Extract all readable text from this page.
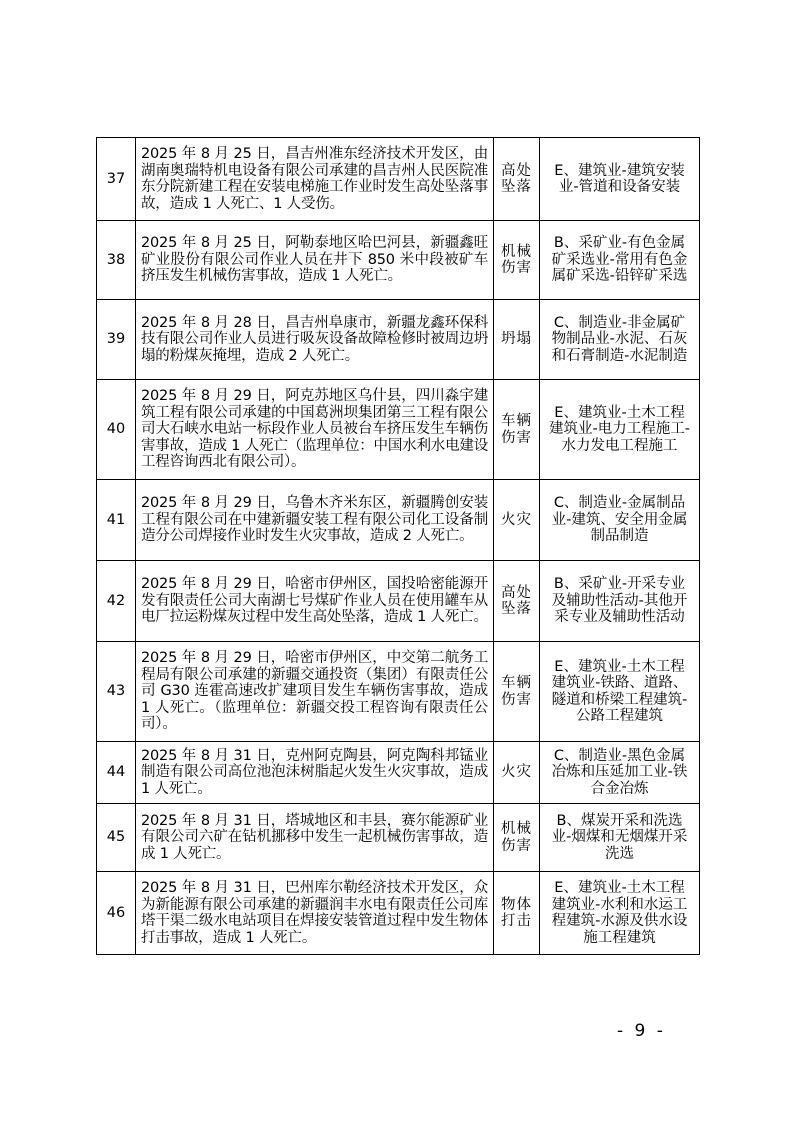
37	2025 年 8 月 25 日，昌吉州准东经济技术开发区，由湖南奥瑞特机电设备有限公司承建的昌吉州人民医院准东分院新建工程在安装电梯施工作业时发生高处坠落事故，造成 1 人死亡、1 人受伤。	高处坠落	E、建筑业-建筑安装业-管道和设备安装
38	2025 年 8 月 25 日，阿勒泰地区哈巴河县，新疆鑫旺矿业股份有限公司作业人员在井下 850 米中段被矿车挤压发生机械伤害事故，造成 1 人死亡。	机械伤害	B、采矿业-有色金属矿采选业-常用有色金属矿采选-铅锌矿采选
39	2025 年 8 月 28 日，昌吉州阜康市，新疆龙鑫环保科技有限公司作业人员进行吸灰设备故障检修时被周边坍塌的粉煤灰掩埋，造成 2 人死亡。	坍塌	C、制造业-非金属矿物制品业-水泥、石灰和石膏制造-水泥制造
40	2025 年 8 月 29 日，阿克苏地区乌什县，四川淼宇建筑工程有限公司承建的中国葛洲坝集团第三工程有限公司大石峡水电站一标段作业人员被台车挤压发生车辆伤害事故，造成 1 人死亡（监理单位：中国水利水电建设工程咨询西北有限公司）。	车辆伤害	E、建筑业-土木工程建筑业-电力工程施工-水力发电工程施工
41	2025 年 8 月 29 日，乌鲁木齐米东区，新疆腾创安装工程有限公司在中建新疆安装工程有限公司化工设备制造分公司焊接作业时发生火灾事故，造成 2 人死亡。	火灾	C、制造业-金属制品业-建筑、安全用金属制品制造
42	2025 年 8 月 29 日，哈密市伊州区，国投哈密能源开发有限责任公司大南湖七号煤矿作业人员在使用罐车从电厂拉运粉煤灰过程中发生高处坠落，造成 1 人死亡。	高处坠落	B、采矿业-开采专业及辅助性活动-其他开采专业及辅助性活动
43	2025 年 8 月 29 日，哈密市伊州区，中交第二航务工程局有限公司承建的新疆交通投资（集团）有限责任公司 G30 连霍高速改扩建项目发生车辆伤害事故，造成 1 人死亡。（监理单位：新疆交投工程咨询有限责任公司）。	车辆伤害	E、建筑业-土木工程建筑业-铁路、道路、隧道和桥梁工程建筑-公路工程建筑
44	2025 年 8 月 31 日，克州阿克陶县，阿克陶科邦锰业制造有限公司高位池泡沫树脂起火发生火灾事故，造成 1 人死亡。	火灾	C、制造业-黑色金属冶炼和压延加工业-铁合金冶炼
45	2025 年 8 月 31 日，塔城地区和丰县，赛尔能源矿业有限公司六矿在钻机挪移中发生一起机械伤害事故，造成 1 人死亡。	机械伤害	B、煤炭开采和洗选业-烟煤和无烟煤开采洗选
46	2025 年 8 月 31 日，巴州库尔勒经济技术开发区，众为新能源有限公司承建的新疆润丰水电有限责任公司库塔干渠二级水电站项目在焊接安装管道过程中发生物体打击事故，造成 1 人死亡。	物体打击	E、建筑业-土木工程建筑业-水利和水运工程建筑-水源及供水设施工程建筑
- 9 -
